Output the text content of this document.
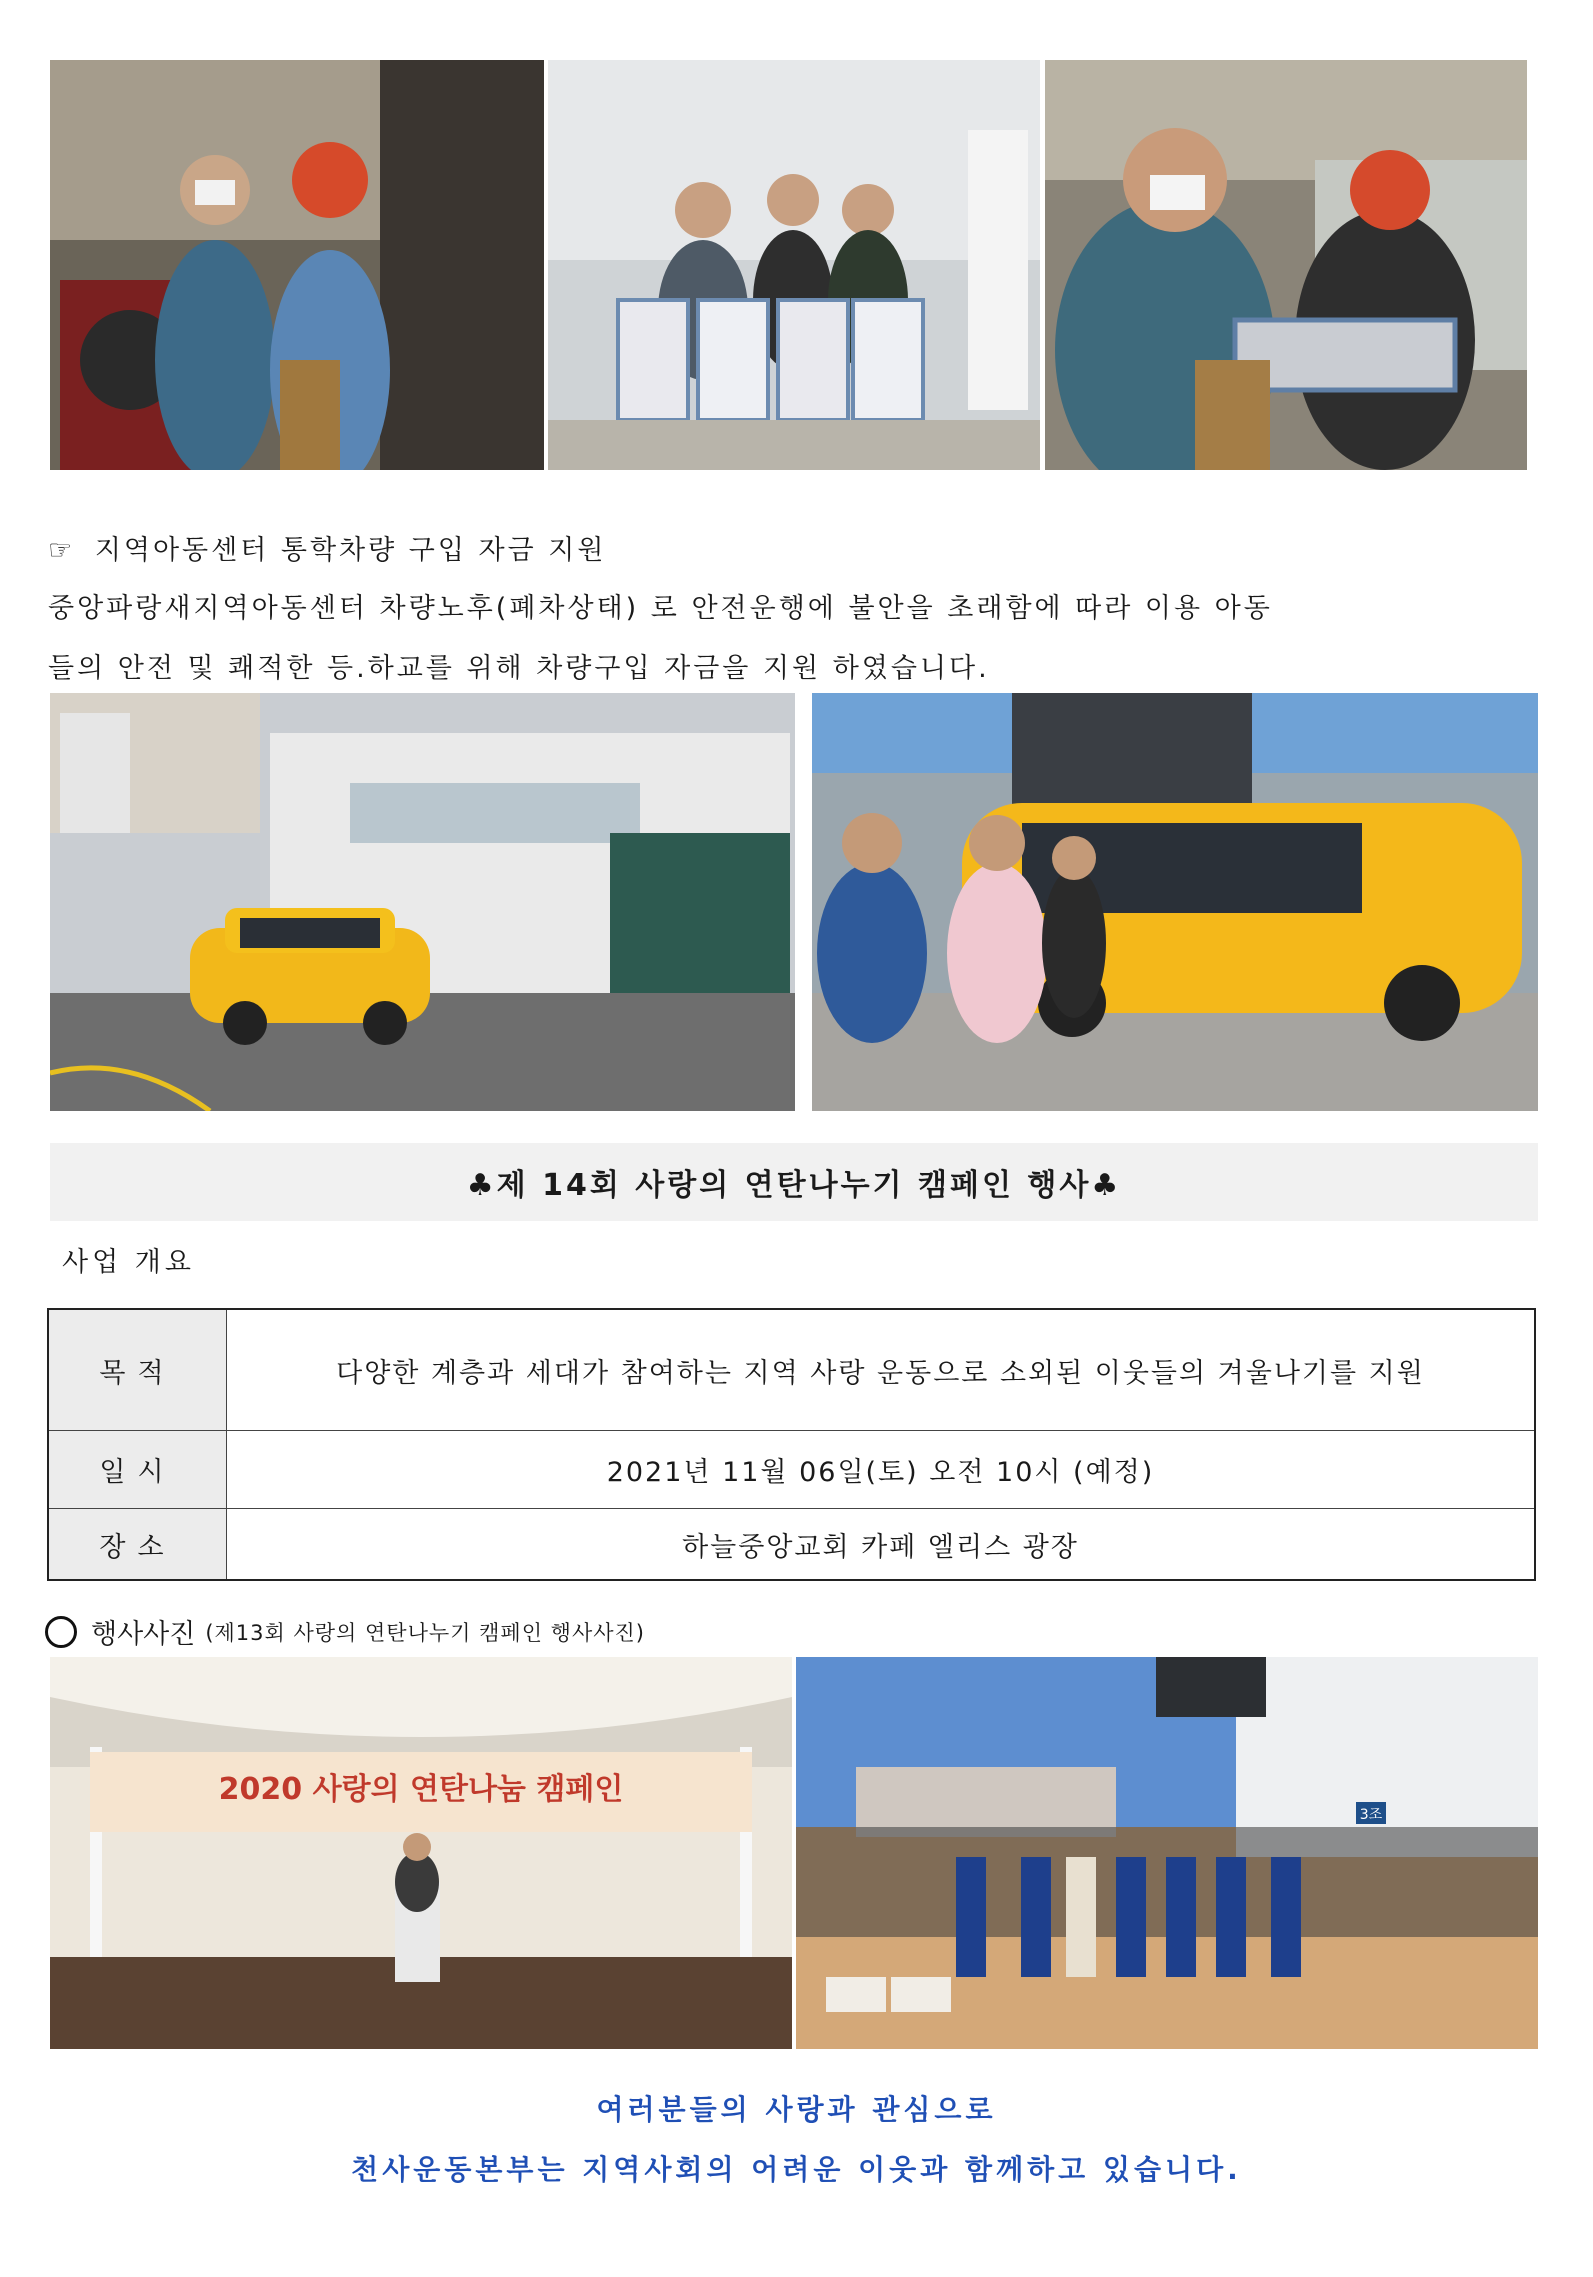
☞ 지역아동센터 통학차량 구입 자금 지원
중앙파랑새지역아동센터 차량노후(폐차상태) 로 안전운행에 불안을 초래함에 따라 이용 아동
들의 안전 및 쾌적한 등.하교를 위해 차량구입 자금을 지원 하였습니다.
♣제 14회 사랑의 연탄나누기 캠페인 행사♣
사업 개요
목적	다양한 계층과 세대가 참여하는 지역 사랑 운동으로 소외된 이웃들의 겨울나기를 지원
일시	2021년 11월 06일(토) 오전 10시 (예정)
장소	하늘중앙교회 카페 엘리스 광장
행사사진 (제13회 사랑의 연탄나누기 캠페인 행사사진)
2020 사랑의 연탄나눔 캠페인
3조
여러분들의 사랑과 관심으로
천사운동본부는 지역사회의 어려운 이웃과 함께하고 있습니다.
